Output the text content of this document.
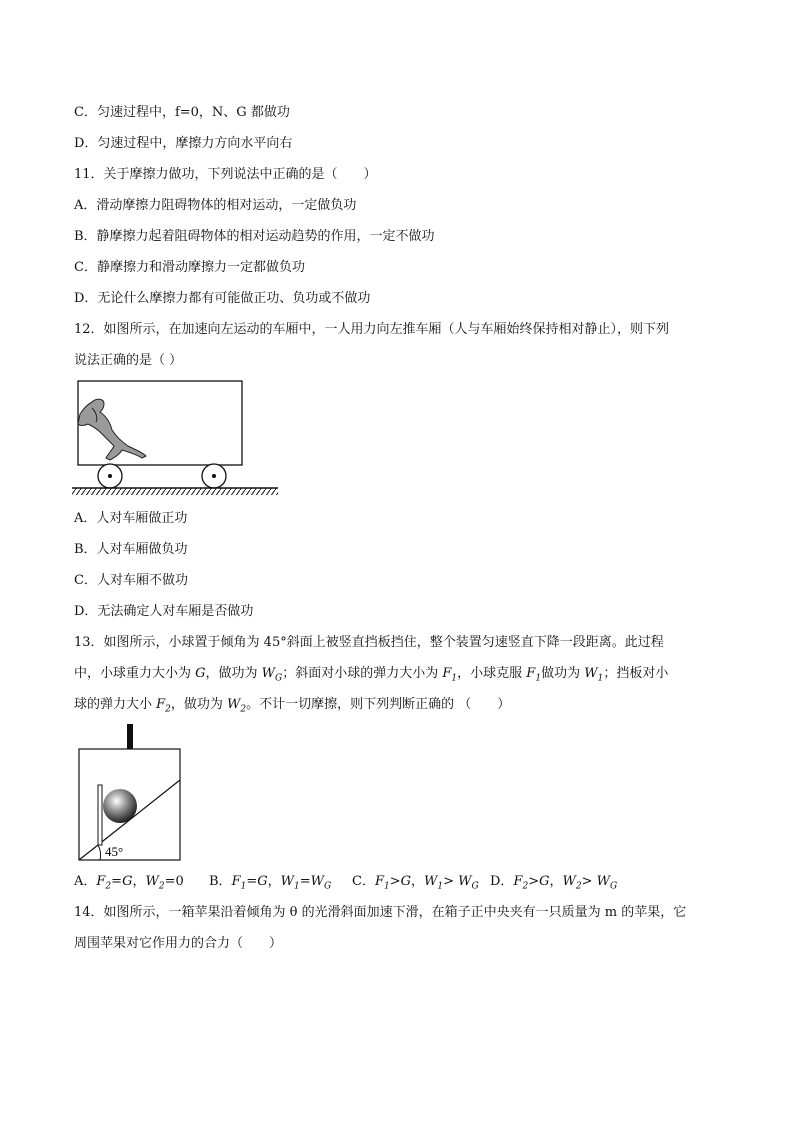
C．匀速过程中，f=0，N、G 都做功
D．匀速过程中，摩擦力方向水平向右
11．关于摩擦力做功，下列说法中正确的是（　　）
A．滑动摩擦力阻碍物体的相对运动，一定做负功
B．静摩擦力起着阻碍物体的相对运动趋势的作用，一定不做功
C．静摩擦力和滑动摩擦力一定都做负功
D．无论什么摩擦力都有可能做正功、负功或不做功
12．如图所示，在加速向左运动的车厢中，一人用力向左推车厢（人与车厢始终保持相对静止），则下列
说法正确的是（ ）
A．人对车厢做正功
B．人对车厢做负功
C．人对车厢不做功
D．无法确定人对车厢是否做功
13．如图所示，小球置于倾角为 45°斜面上被竖直挡板挡住，整个装置匀速竖直下降一段距离。此过程
中，小球重力大小为 G，做功为 $W_G$；斜面对小球的弹力大小为 $F_1$，小球克服 $F_1$做功为 $W_1$；挡板对小
球的弹力大小 $F_2$，做功为 $W_2$。不计一切摩擦，则下列判断正确的 （　　）
45°
A．$F_2=G$，$W_2=0$ B．$F_1=G$，$W_1=W_G$ C．$F_1>G$，$W_1> W_G$ D．$F_2>G$，$W_2> W_G$
14．如图所示，一箱苹果沿着倾角为 θ 的光滑斜面加速下滑，在箱子正中央夹有一只质量为 m 的苹果，它
周围苹果对它作用力的合力（　　）
